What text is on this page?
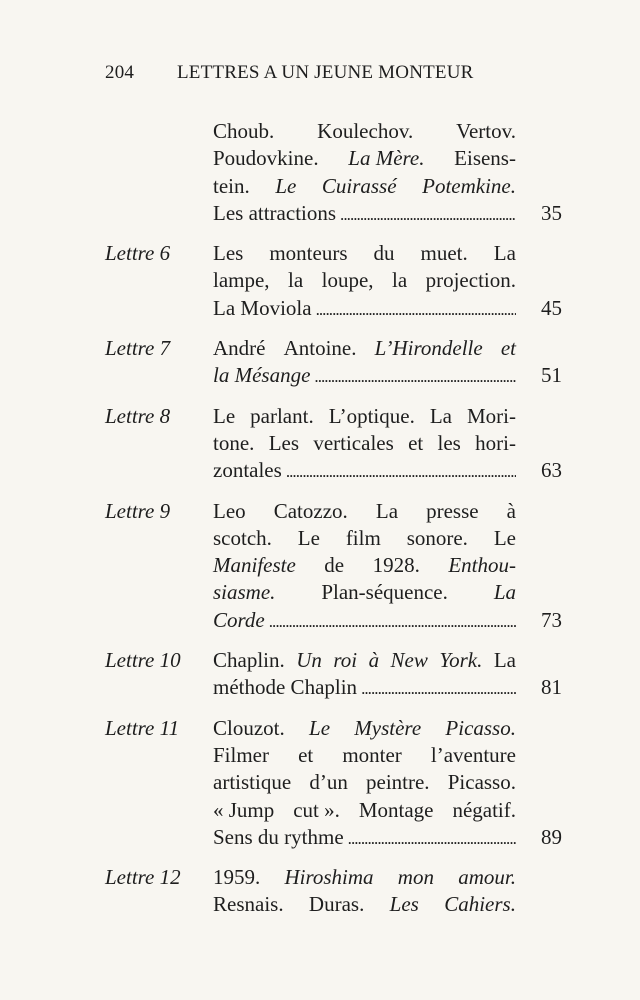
204 LETTRES A UN JEUNE MONTEUR
Choub. Koulechov. Vertov.
Poudovkine. La Mère. Eisens-
tein. Le Cuirassé Potemkine.
Les attractions . . .	35
Lettre 6 Les monteurs du muet. La
lampe, la loupe, la projection.
La Moviola . . .	45
Lettre 7 André Antoine. L’Hirondelle et
la Mésange . . .	51
Lettre 8 Le parlant. L’optique. La Mori-
tone. Les verticales et les hori-
zontales . . .	63
Lettre 9 Leo Catozzo. La presse à
scotch. Le film sonore. Le
Manifeste de 1928. Enthou-
siasme. Plan-séquence. La
Corde . . .	73
Lettre 10 Chaplin. Un roi à New York. La
méthode Chaplin . . .	81
Lettre 11 Clouzot. Le Mystère Picasso.
Filmer et monter l’aventure
artistique d’un peintre. Picasso.
« Jump cut ». Montage négatif.
Sens du rythme . . .	89
Lettre 12 1959. Hiroshima mon amour.
Resnais. Duras. Les Cahiers.
